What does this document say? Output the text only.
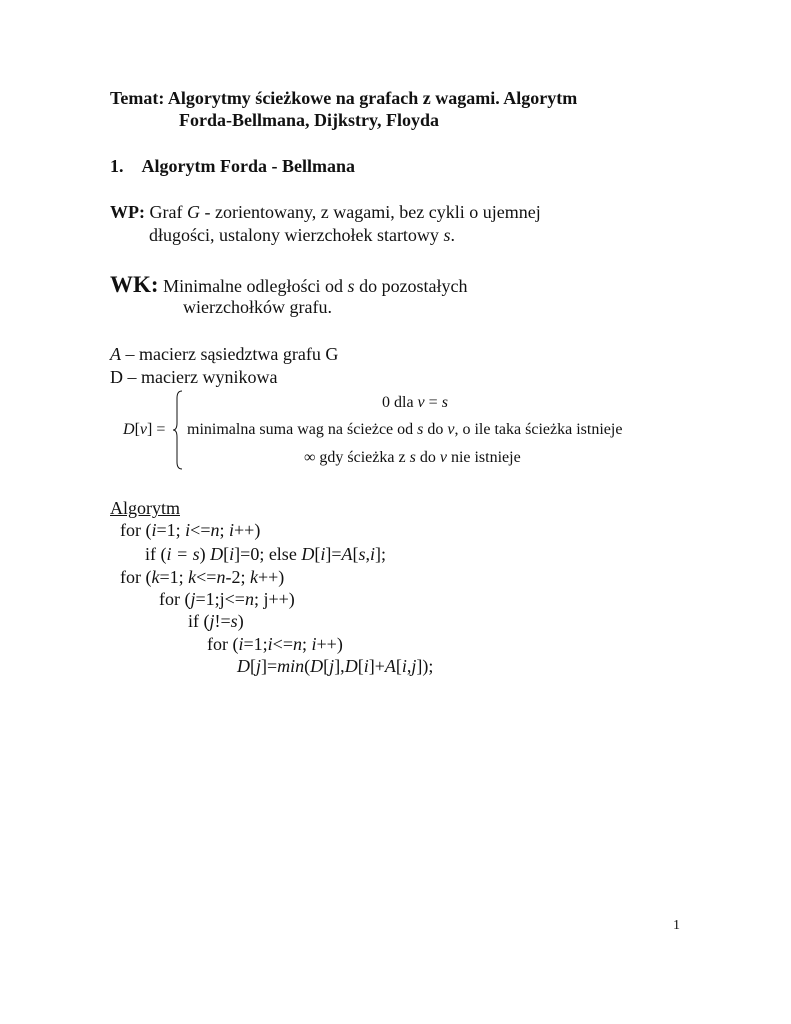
Temat: Algorytmy ścieżkowe na grafach z wagami. Algorytm
Forda-Bellmana, Dijkstry, Floyda
1. Algorytm Forda - Bellmana
WP: Graf G - zorientowany, z wagami, bez cykli o ujemnej
długości, ustalony wierzchołek startowy s.
WK: Minimalne odległości od s do pozostałych
wierzchołków grafu.
A – macierz sąsiedztwa grafu G
D – macierz wynikowa
D[v] =
0 dla v = s
minimalna suma wag na ścieżce od s do v, o ile taka ścieżka istnieje
∞ gdy ścieżka z s do v nie istnieje
Algorytm
for (i=1; i<=n; i++)
if (i = s) D[i]=0; else D[i]=A[s,i];
for (k=1; k<=n-2; k++)
for (j=1;j<=n; j++)
if (j!=s)
for (i=1;i<=n; i++)
D[j]=min(D[j],D[i]+A[i,j]);
1
